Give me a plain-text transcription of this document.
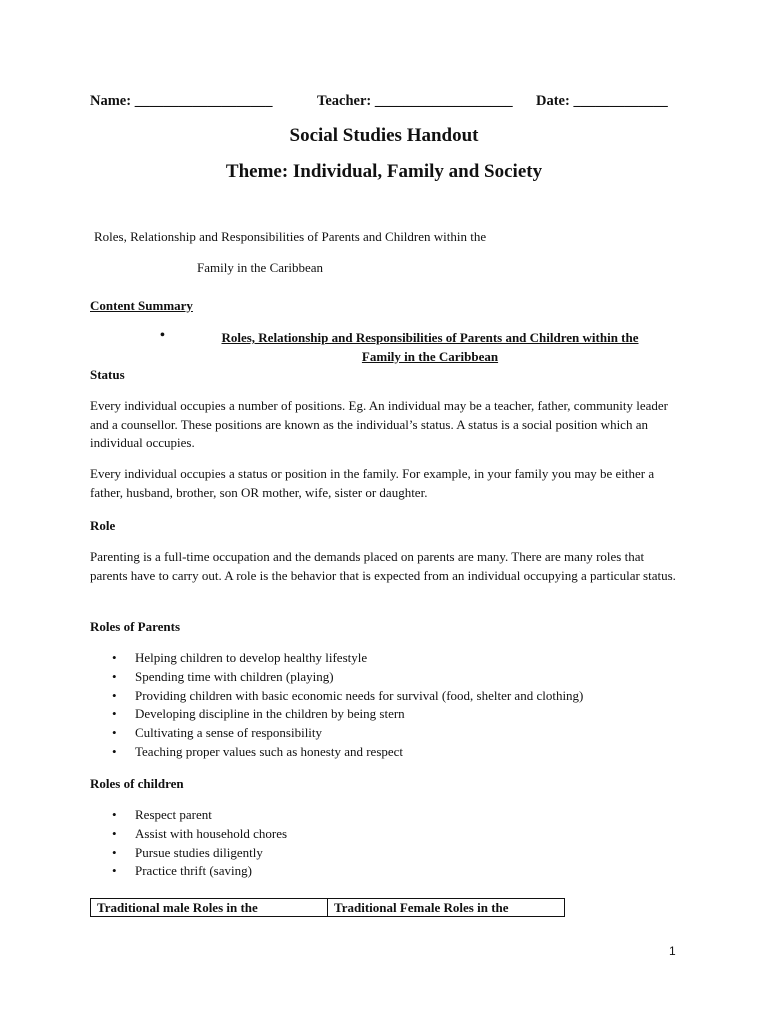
Name: ___________________	Teacher: ___________________ Date: _____________
Social Studies Handout
Theme: Individual, Family and Society
Roles, Relationship and Responsibilities of Parents and Children within the
Family in the Caribbean
Content Summary
•	Roles, Relationship and Responsibilities of Parents and Children within the
Family in the Caribbean
Status

Every individual occupies a number of positions. Eg. An individual may be a teacher, father, community leader and a counsellor. These positions are known as the individual’s status. A status is a social position which an individual occupies.

Every individual occupies a status or position in the family. For example, in your family you may be either a father, husband, brother, son OR mother, wife, sister or daughter.

Role

Parenting is a full-time occupation and the demands placed on parents are many. There are many roles that parents have to carry out. A role is the behavior that is expected from an individual occupying a particular status.

Roles of Parents
• Helping children to develop healthy lifestyle
• Spending time with children (playing)
• Providing children with basic economic needs for survival (food, shelter and clothing)
• Developing discipline in the children by being stern
• Cultivating a sense of responsibility
• Teaching proper values such as honesty and respect
Roles of children
• Respect parent
• Assist with household chores
• Pursue studies diligently
• Practice thrift (saving)
Traditional male Roles in the	Traditional Female Roles in the
1
